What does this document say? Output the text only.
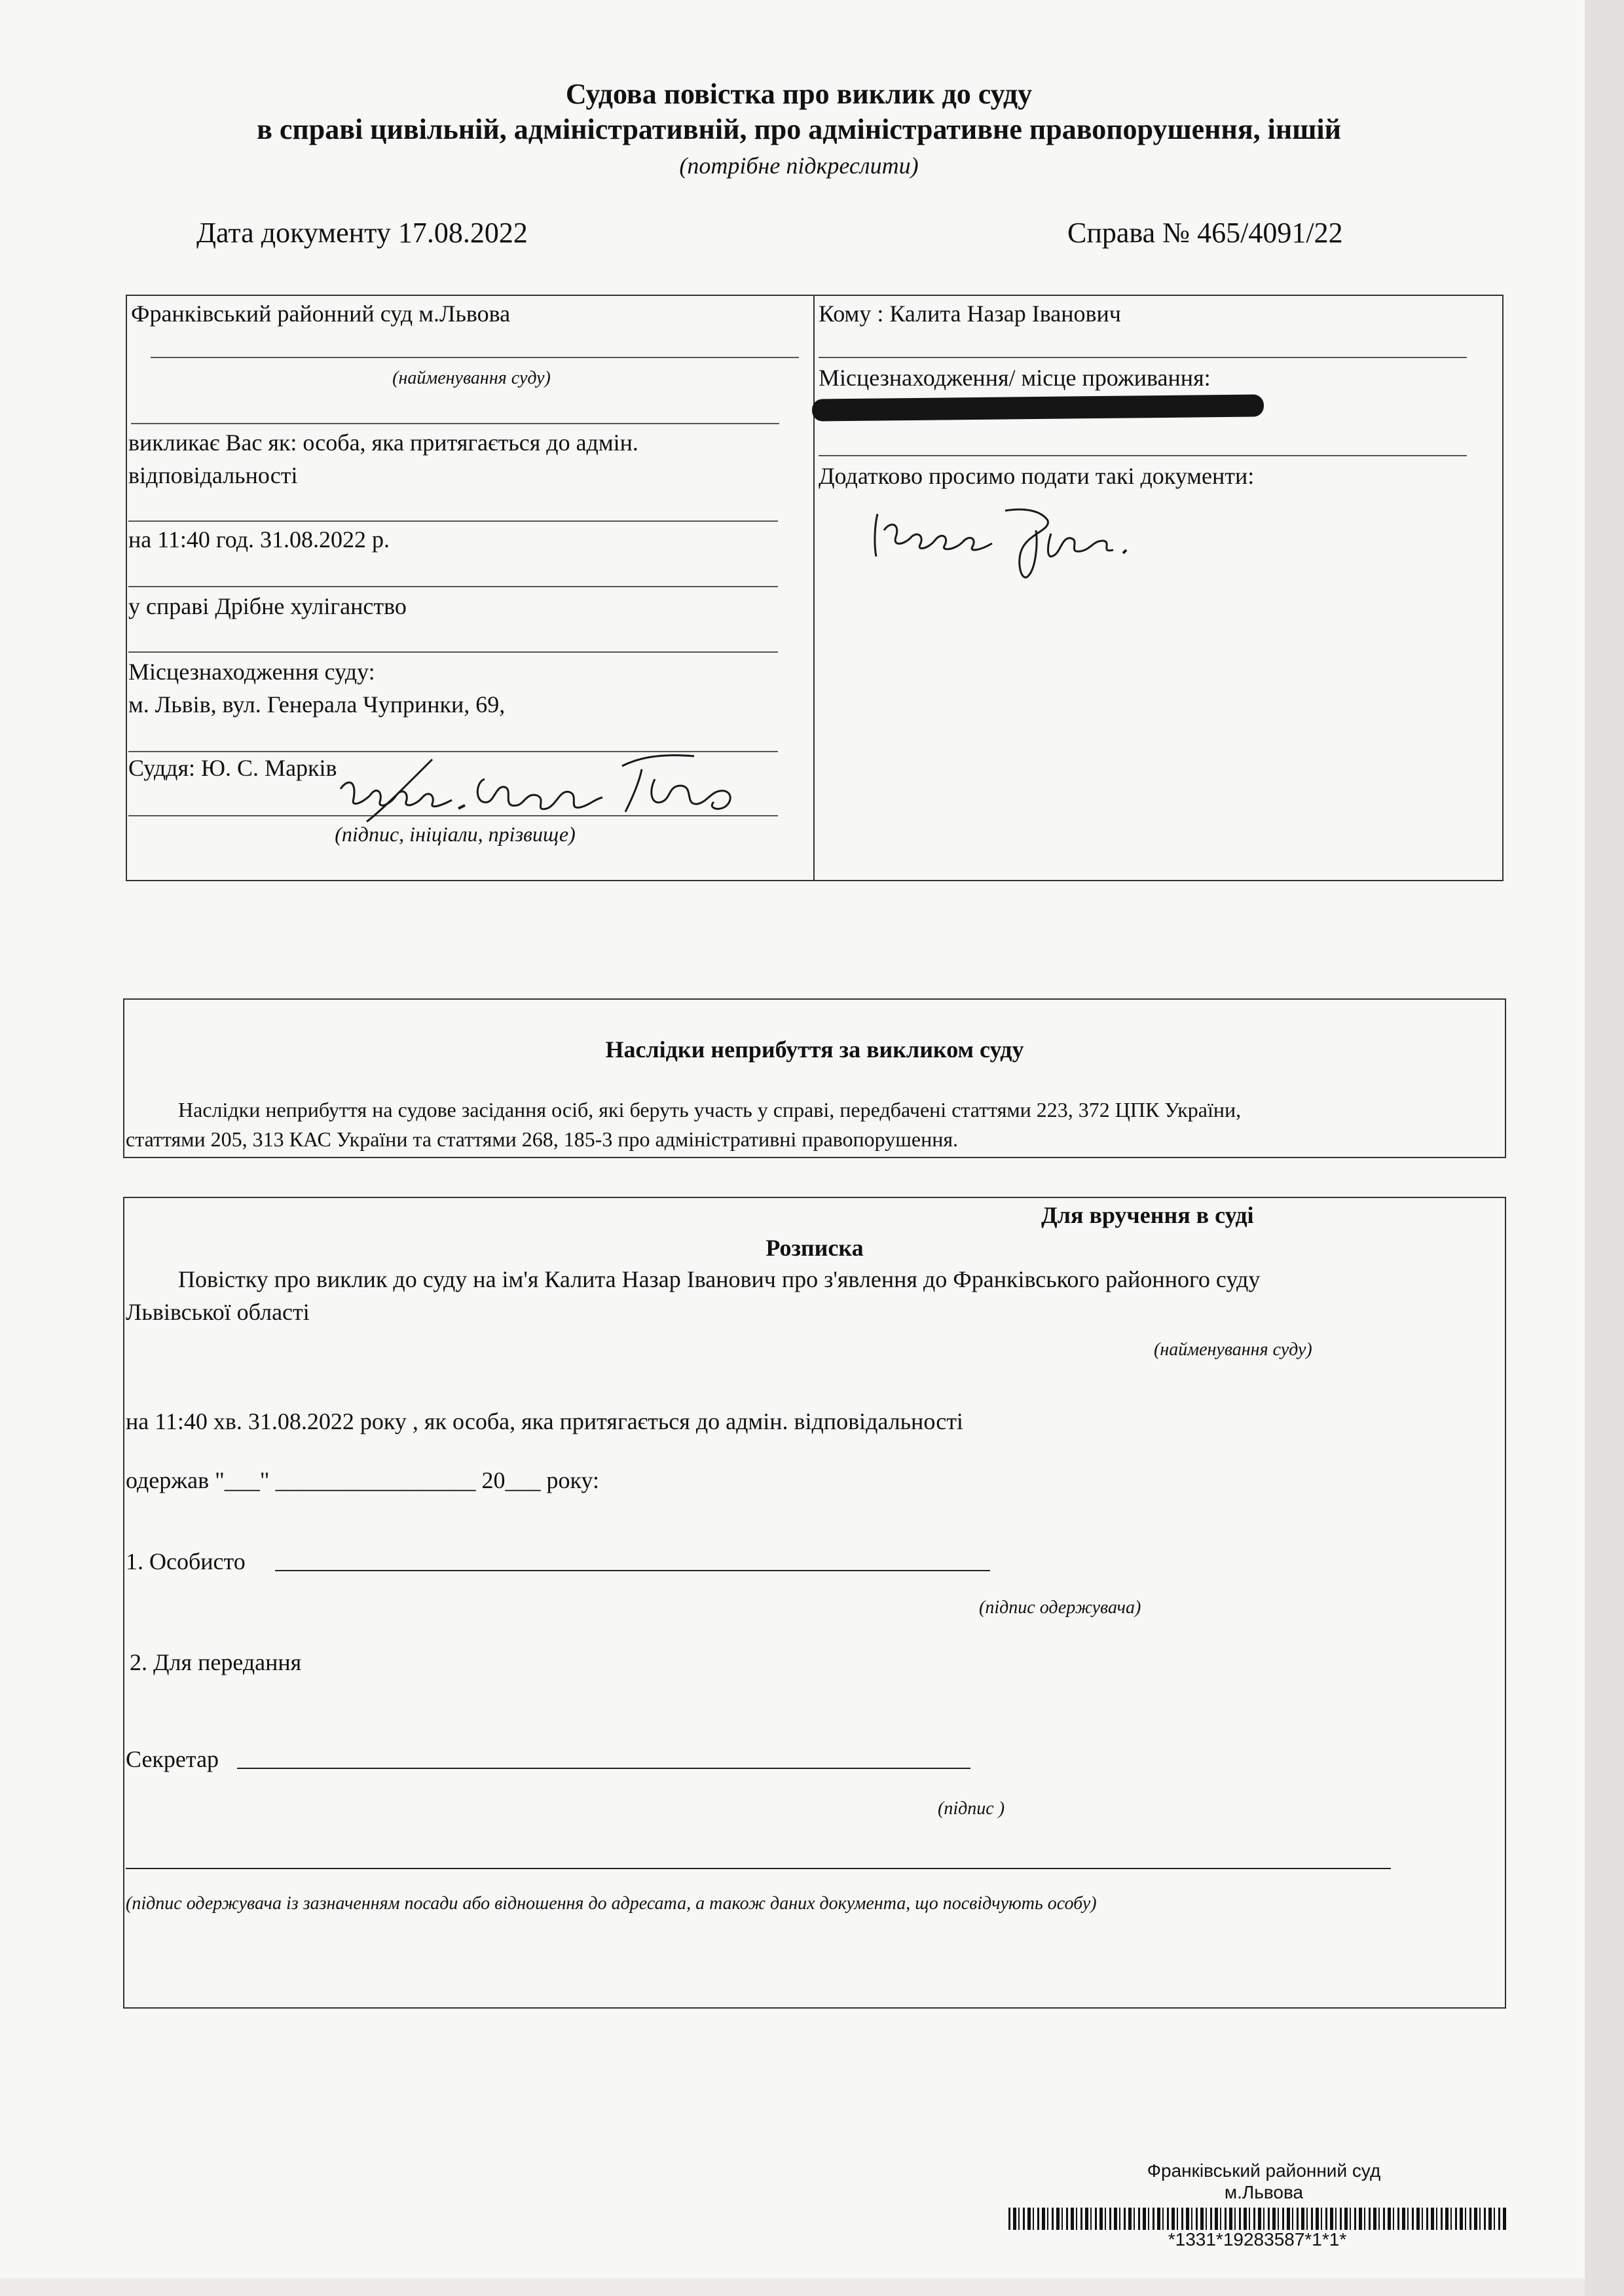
Судова повістка про виклик до суду
в справі цивільній, адміністративній, про адміністративне правопорушення, іншій
(потрібне підкреслити)
Дата документу 17.08.2022	Справа № 465/4091/22
Франківський районний суд м.Львова
(найменування суду)
викликає Вас як: особа, яка притягається до адмін.
відповідальності
на 11:40 год. 31.08.2022 р.
у справі Дрібне хуліганство
Місцезнаходження суду:
м. Львів, вул. Генерала Чупринки, 69,
Суддя: Ю. С. Марків
(підпис, ініціали, прізвище)
Кому : Калита Назар Іванович
Місцезнаходження/ місце проживання:
Додатково просимо подати такі документи:
Наслідки неприбуття за викликом суду
Наслідки неприбуття на судове засідання осіб, які беруть участь у справі, передбачені статтями 223, 372 ЦПК України,
статтями 205, 313 КАС України та статтями 268, 185-3 про адміністративні правопорушення.
Для вручення в суді
Розписка
Повістку про виклик до суду на ім'я Калита Назар Іванович про з'явлення до Франківського районного суду
Львівської області
(найменування суду)
на 11:40 хв. 31.08.2022 року , як особа, яка притягається до адмін. відповідальності
одержав "___" _________________ 20___ року:
1. Особисто
(підпис одержувача)
2. Для передання
Секретар
(підпис )
(підпис одержувача із зазначенням посади або відношення до адресата, а також даних документа, що посвідчують особу)
Франківський районний суд
м.Львова
*1331*19283587*1*1*
